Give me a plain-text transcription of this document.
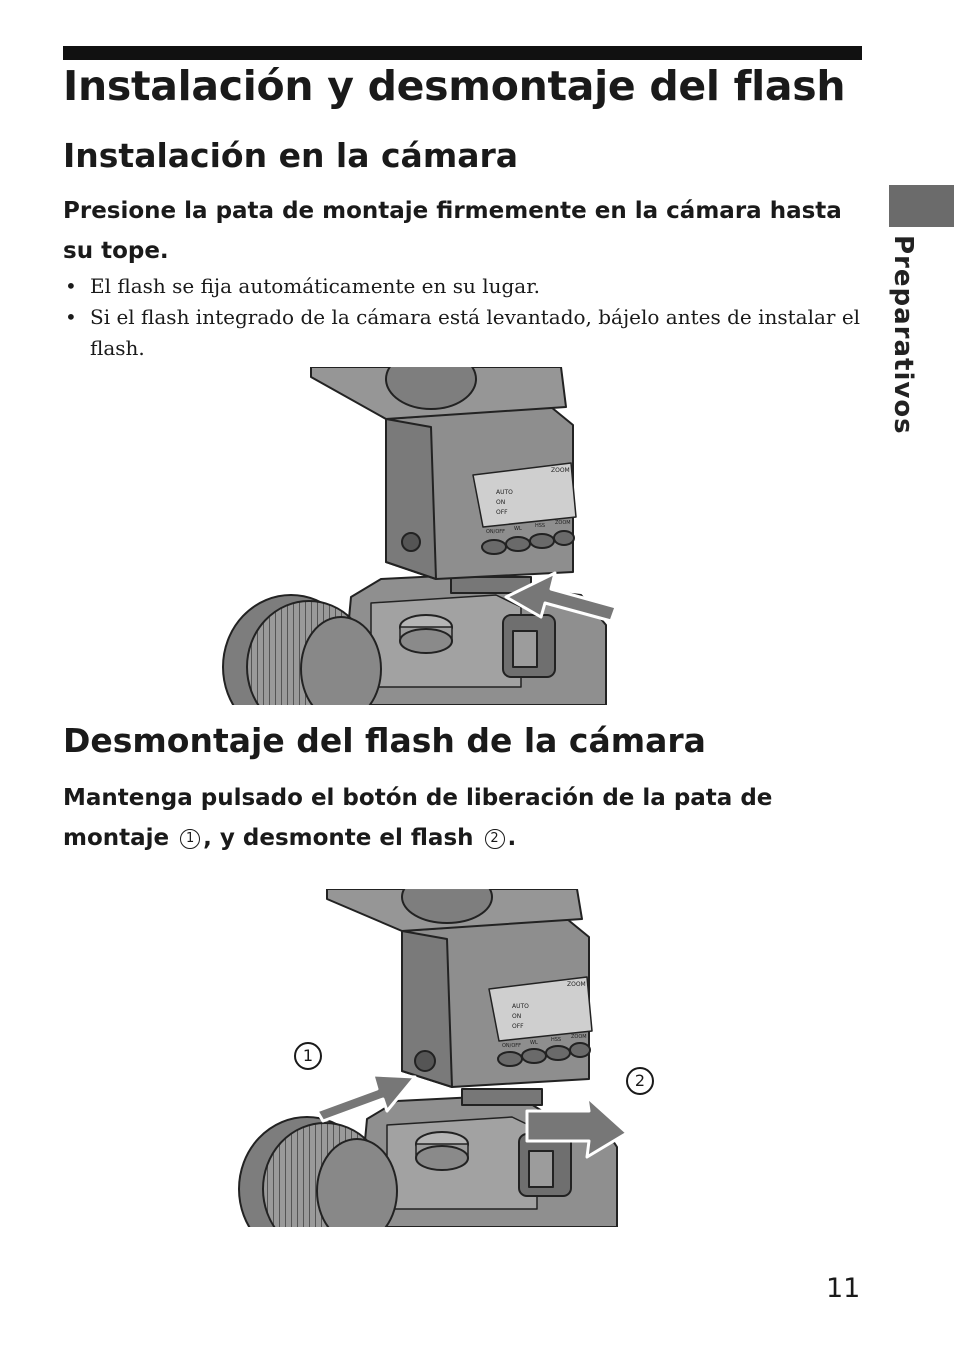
Instalación y desmontaje del flash
Preparativos
Instalación en la cámara

Presione la pata de montaje firmemente en la cámara hasta su tope.

• El flash se fija automáticamente en su lugar.
• Si el flash integrado de la cámara está levantado, bájelo antes de instalar el flash.
AUTO
ON
OFF
ZOOM
ON/OFF WL	HSS ZOOM
Desmontaje del flash de la cámara

Mantenga pulsado el botón de liberación de la pata de montaje 1 , y desmonte el flash 2 .

AUTO
ON
OFF
ZOOM
ON/OFF WL	HSS ZOOM
1
2
11
